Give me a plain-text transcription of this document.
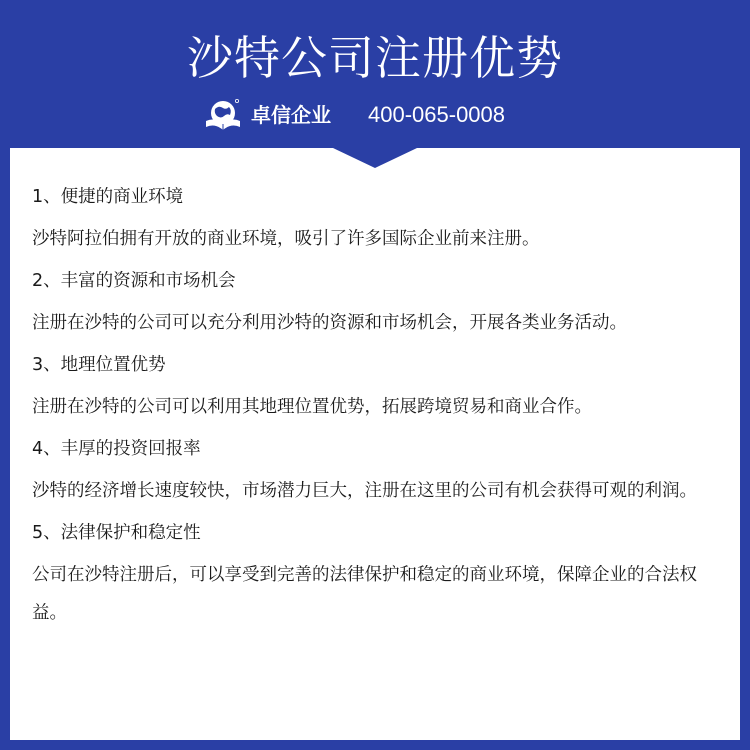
沙特公司注册优势
卓信企业 400-065-0008
1、便捷的商业环境
沙特阿拉伯拥有开放的商业环境，吸引了许多国际企业前来注册。
2、丰富的资源和市场机会
注册在沙特的公司可以充分利用沙特的资源和市场机会，开展各类业务活动。
3、地理位置优势
注册在沙特的公司可以利用其地理位置优势，拓展跨境贸易和商业合作。
4、丰厚的投资回报率
沙特的经济增长速度较快，市场潜力巨大，注册在这里的公司有机会获得可观的利润。
5、法律保护和稳定性
公司在沙特注册后，可以享受到完善的法律保护和稳定的商业环境，保障企业的合法权益。
